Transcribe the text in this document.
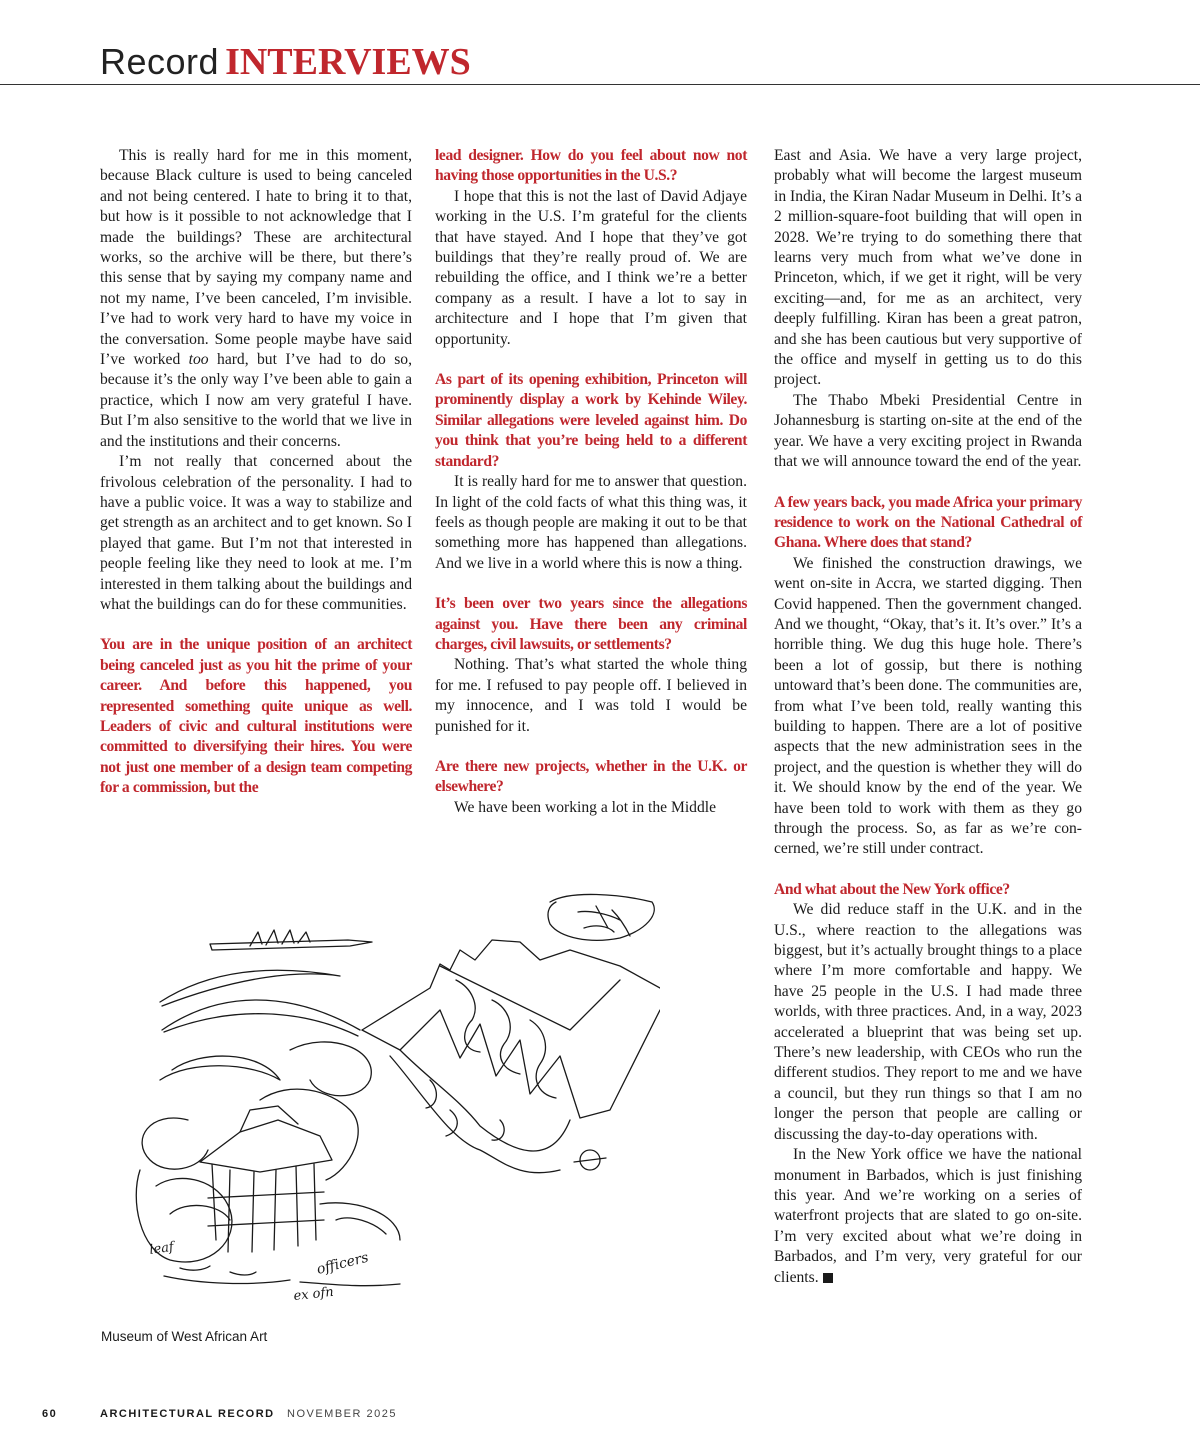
Record INTERVIEWS

This is really hard for me in this moment, because Black culture is used to being canceled and not being centered. I hate to bring it to that, but how is it possible to not acknowledge that I made the buildings? These are architectural works, so the archive will be there, but there’s this sense that by saying my company name and not my name, I’ve been canceled, I’m invisible. I’ve had to work very hard to have my voice in the conversation. Some people maybe have said I’ve worked too hard, but I’ve had to do so, because it’s the only way I’ve been able to gain a practice, which I now am very grateful I have. But I’m also sensitive to the world that we live in and the institutions and their concerns.

I’m not really that concerned about the frivolous celebration of the personality. I had to have a public voice. It was a way to stabilize and get strength as an architect and to get known. So I played that game. But I’m not that interested in people feeling like they need to look at me. I’m interested in them talking about the buildings and what the buildings can do for these communities.

You are in the unique position of an architect being canceled just as you hit the prime of your career. And before this happened, you represented something quite unique as well. Leaders of civic and cultural institutions were committed to diversifying their hires. You were not just one member of a design team competing for a commission, but the

lead designer. How do you feel about now not having those opportunities in the U.S.?

I hope that this is not the last of David Adjaye working in the U.S. I’m grateful for the clients that have stayed. And I hope that they’ve got buildings that they’re really proud of. We are rebuilding the office, and I think we’re a better company as a result. I have a lot to say in architecture and I hope that I’m given that opportunity.

As part of its opening exhibition, Princeton will prominently display a work by Kehinde Wiley. Similar allegations were leveled against him. Do you think that you’re being held to a different standard?

It is really hard for me to answer that question. In light of the cold facts of what this thing was, it feels as though people are making it out to be that something more has happened than allegations. And we live in a world where this is now a thing.

It’s been over two years since the allegations against you. Have there been any criminal charges, civil lawsuits, or settlements?

Nothing. That’s what started the whole thing for me. I refused to pay people off. I believed in my innocence, and I was told I would be punished for it.

Are there new projects, whether in the U.K. or elsewhere?

We have been working a lot in the Middle

East and Asia. We have a very large project, probably what will become the largest museum in India, the Kiran Nadar Museum in Delhi. It’s a 2 million-square-foot building that will open in 2028. We’re trying to do something there that learns very much from what we’ve done in Princeton, which, if we get it right, will be very exciting—and, for me as an architect, very deeply fulfilling. Kiran has been a great patron, and she has been cautious but very supportive of the office and myself in getting us to do this project.

The Thabo Mbeki Presidential Centre in Johannesburg is starting on-site at the end of the year. We have a very exciting project in Rwanda that we will announce toward the end of the year.

A few years back, you made Africa your primary residence to work on the National Cathedral of Ghana. Where does that stand?

We finished the construction drawings, we went on-site in Accra, we started digging. Then Covid happened. Then the government changed. And we thought, “Okay, that’s it. It’s over.” It’s a horrible thing. We dug this huge hole. There’s been a lot of gossip, but there is nothing untoward that’s been done. The communities are, from what I’ve been told, really wanting this building to happen. There are a lot of positive aspects that the new administration sees in the project, and the question is whether they will do it. We should know by the end of the year. We have been told to work with them as they go through the process. So, as far as we’re concerned, we’re still under contract.

And what about the New York office?

We did reduce staff in the U.K. and in the U.S., where reaction to the allegations was biggest, but it’s actually brought things to a place where I’m more comfortable and happy. We have 25 people in the U.S. I had made three worlds, with three practices. And, in a way, 2023 accelerated a blueprint that was being set up. There’s new leadership, with CEOs who run the different studios. They report to me and we have a council, but they run things so that I am no longer the person that people are calling or discussing the day-to-day operations with.

In the New York office we have the national monument in Barbados, which is just finishing this year. And we’re working on a series of waterfront projects that are slated to go on-site. I’m very excited about what we’re doing in Barbados, and I’m very, very grateful for our clients.

leaf
officers
ex ofn
Museum of West African Art
60	ARCHITECTURAL RECORD NOVEMBER 2025
